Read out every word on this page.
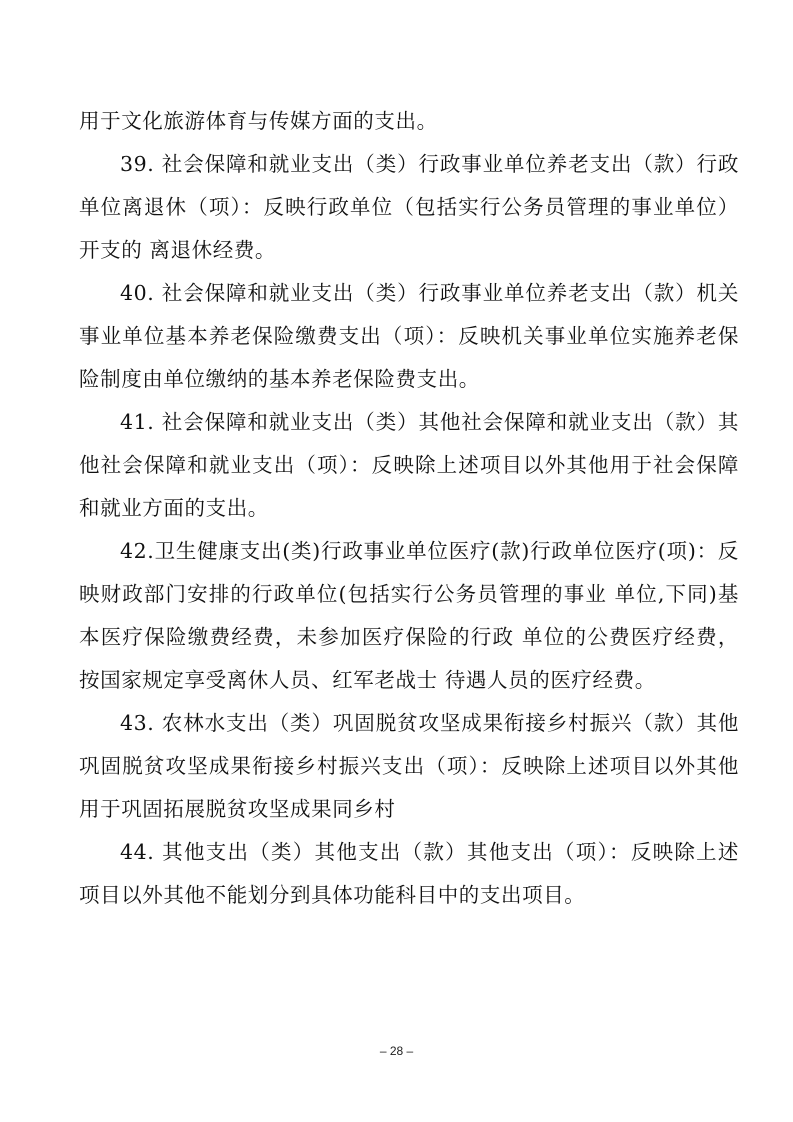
用于文化旅游体育与传媒方面的支出。

39. 社会保障和就业支出（类）行政事业单位养老支出（款）行政单位离退休（项）：反映行政单位（包括实行公务员管理的事业单位）开支的 离退休经费。

40. 社会保障和就业支出（类）行政事业单位养老支出（款）机关事业单位基本养老保险缴费支出（项）：反映机关事业单位实施养老保险制度由单位缴纳的基本养老保险费支出。

41. 社会保障和就业支出（类）其他社会保障和就业支出（款）其他社会保障和就业支出（项）：反映除上述项目以外其他用于社会保障和就业方面的支出。

42.卫生健康支出(类)行政事业单位医疗(款)行政单位医疗(项)：反映财政部门安排的行政单位(包括实行公务员管理的事业 单位,下同)基本医疗保险缴费经费，未参加医疗保险的行政 单位的公费医疗经费，按国家规定享受离休人员、红军老战士 待遇人员的医疗经费。

43. 农林水支出（类）巩固脱贫攻坚成果衔接乡村振兴（款）其他巩固脱贫攻坚成果衔接乡村振兴支出（项）：反映除上述项目以外其他用于巩固拓展脱贫攻坚成果同乡村

44. 其他支出（类）其他支出（款）其他支出（项）：反映除上述项目以外其他不能划分到具体功能科目中的支出项目。

– 28 –
